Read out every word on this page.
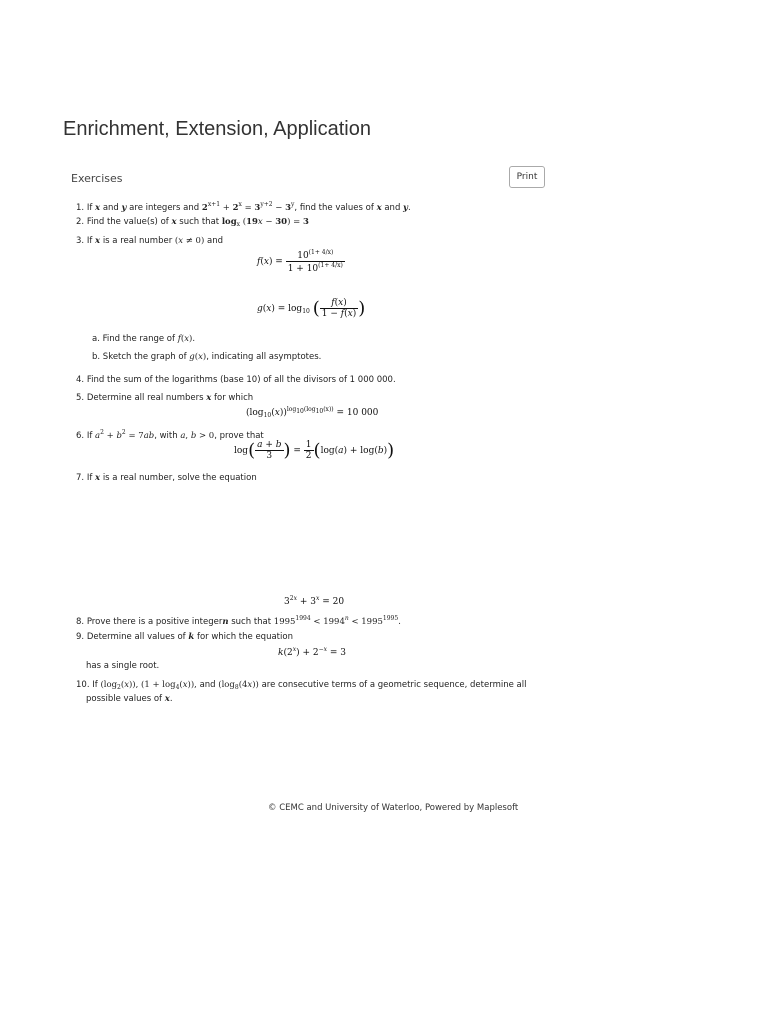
Enrichment, Extension, Application
Exercises	Print
1. If x and y are integers and $2^{x+1} + 2^x = 3^{y+2} - 3^y$, find the values of x and y.
2. Find the value(s) of x such that $\log_x (19x - 30) = 3$
3. If x is a real number (x ≠ 0) and
$f(x) = \frac{10^{(1+ 4/x)}}{1 + 10^{(1+ 4/x)}}$
$g(x) = \log_{10}$ ( $\frac{f(x)}{1 - f(x)}$ )
a. Find the range of f(x).
b. Sketch the graph of g(x), indicating all asymptotes.
4. Find the sum of the logarithms (base 10) of all the divisors of 1 000 000.
5. Determine all real numbers x for which
$(\log_{10}(x))^{log_{10}(log_{10}(x))} = 10$ 000
6. If $a^2 + b^2 = 7ab$, with a, b > 0, prove that
$\log( \frac{a + b}{3}$ ) = $\frac{1}{2} (\log(a) + \log(b))$
7. If x is a real number, solve the equation
$3^{2x} + 3^x = 20$
8. Prove there is a positive integern such that $1995^{1994} < 1994^n < 1995^{1995}$.
9. Determine all values of k for which the equation
$k(2^x) + 2^{-x} = 3$
has a single root.
10. If $(\log_2(x))$, $(1 + \log_4(x))$, and $(\log_8(4x))$ are consecutive terms of a geometric sequence, determine all
possible values of x.
© CEMC and University of Waterloo, Powered by Maplesoft
